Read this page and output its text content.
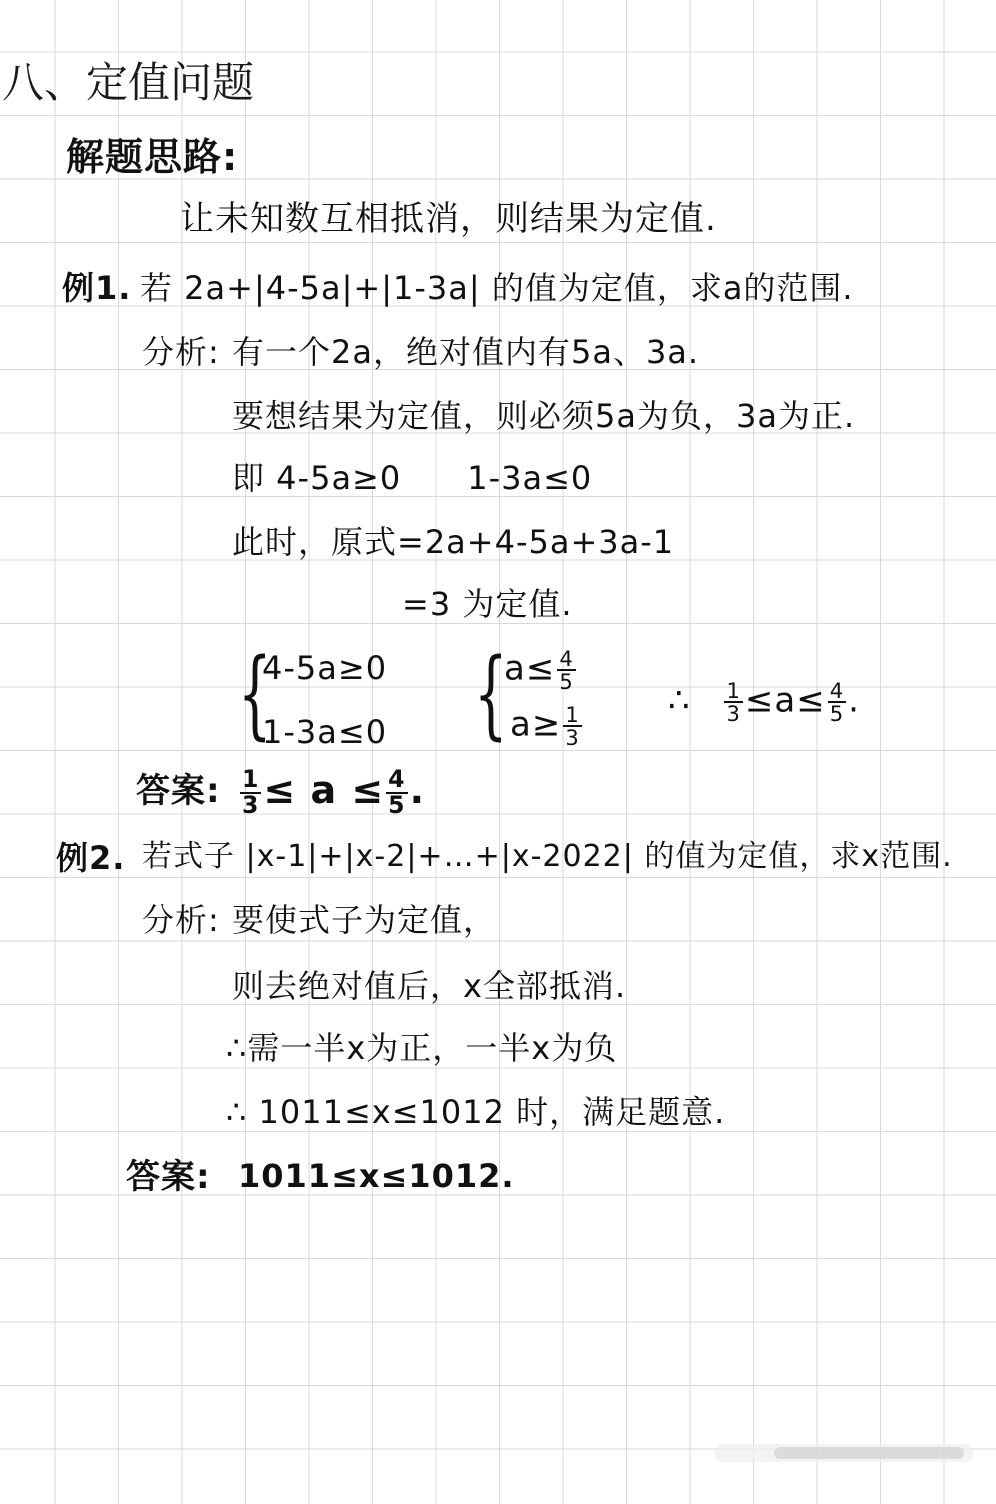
八、定值问题
解题思路:
让未知数互相抵消，则结果为定值.
例1. 若 2a+|4-5a|+|1-3a| 的值为定值，求a的范围.
分析: 有一个2a，绝对值内有5a、3a.
要想结果为定值，则必须5a为负，3a为正.
即 4-5a≥0　　1-3a≤0
此时，原式=2a+4-5a+3a-1
=3 为定值.
{
4-5a≥0
1-3a≤0 {
$a\le \frac{4}{5}$
$a\ge \frac{1}{3}$
∴ $\frac{1}{3} \le a\le \frac{4}{5}$ .
答案: $\frac{1}{3} \le a \le \frac{4}{5}$ .
例2. 若式子 |x-1|+|x-2|+…+|x-2022| 的值为定值，求x范围.
分析: 要使式子为定值，
则去绝对值后，x全部抵消.
∴需一半x为正，一半x为负
∴ 1011≤x≤1012 时，满足题意.
答案: 1011≤x≤1012.
